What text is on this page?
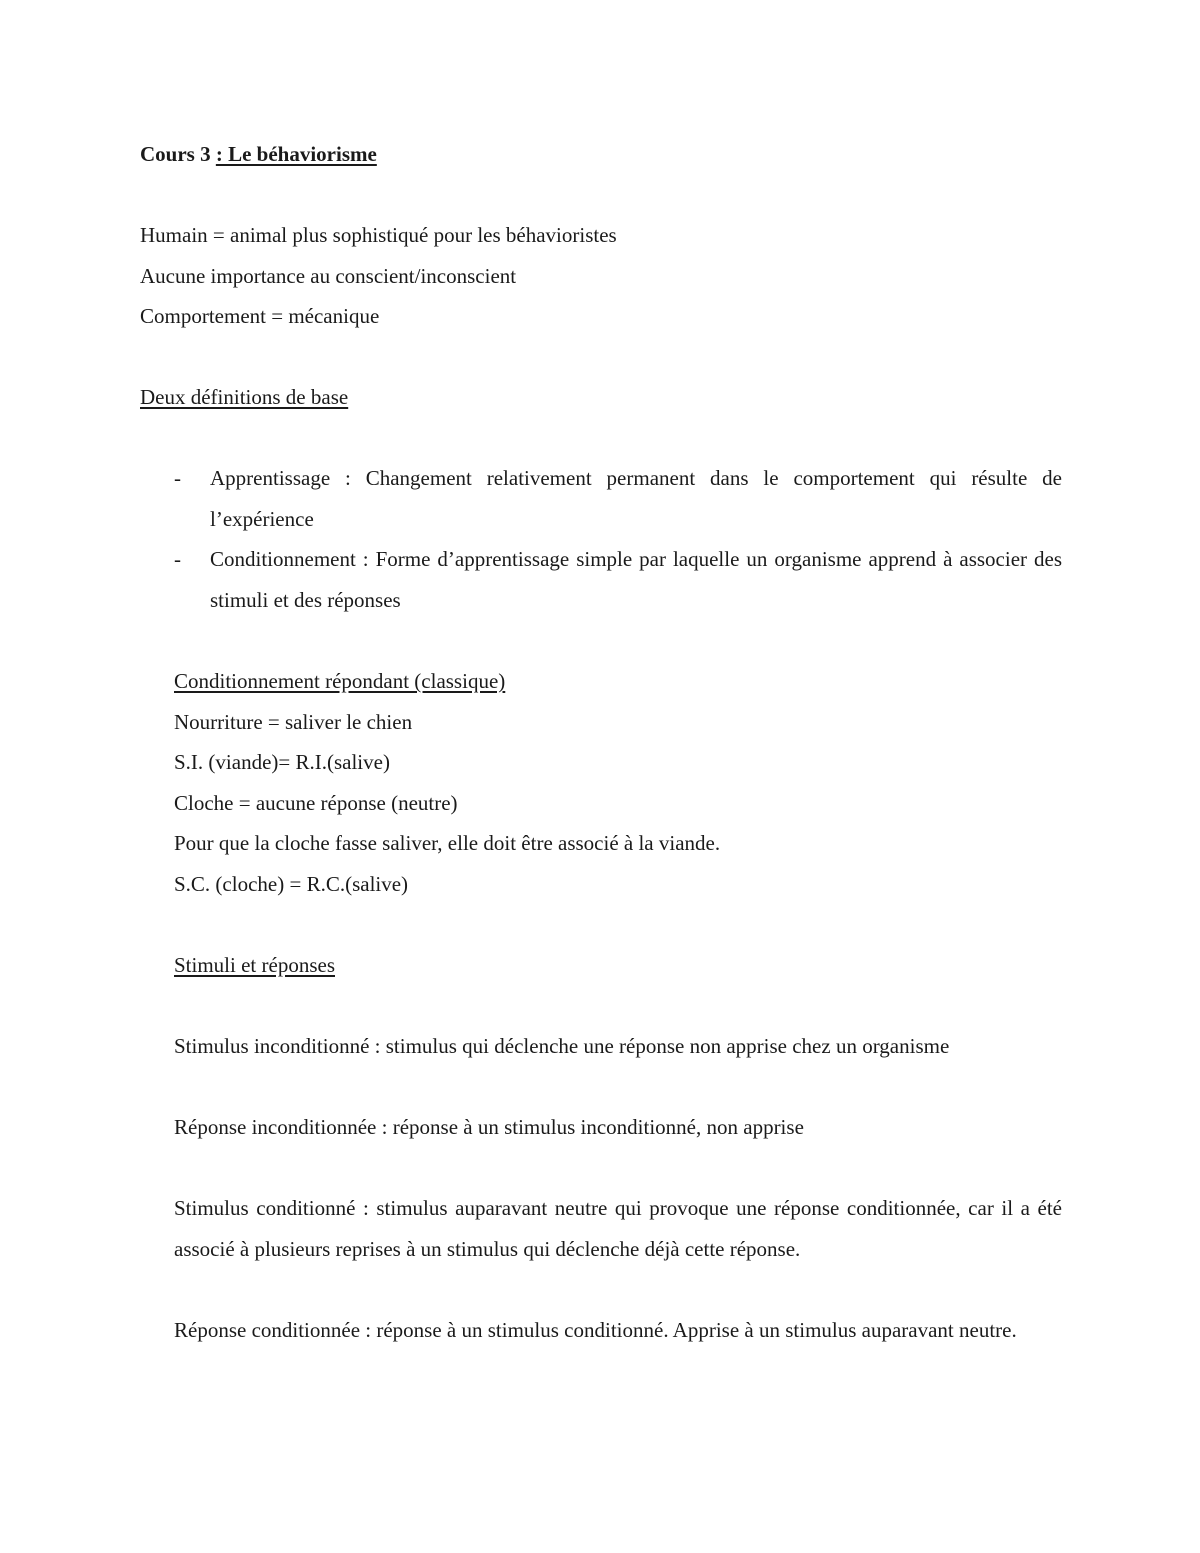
Cours 3 : Le béhaviorisme
Humain = animal plus sophistiqué pour les béhavioristes
Aucune importance au conscient/inconscient
Comportement = mécanique
Deux définitions de base
- Apprentissage : Changement relativement permanent dans le comportement qui résulte de l’expérience
- Conditionnement : Forme d’apprentissage simple par laquelle un organisme apprend à associer des stimuli et des réponses
Conditionnement répondant (classique)
Nourriture = saliver le chien
S.I. (viande)= R.I.(salive)
Cloche = aucune réponse (neutre)
Pour que la cloche fasse saliver, elle doit être associé à la viande.
S.C. (cloche) = R.C.(salive)
Stimuli et réponses

Stimulus inconditionné : stimulus qui déclenche une réponse non apprise chez un organisme

Réponse inconditionnée : réponse à un stimulus inconditionné, non apprise

Stimulus conditionné : stimulus auparavant neutre qui provoque une réponse conditionnée, car il a été associé à plusieurs reprises à un stimulus qui déclenche déjà cette réponse.

Réponse conditionnée : réponse à un stimulus conditionné. Apprise à un stimulus auparavant neutre.
